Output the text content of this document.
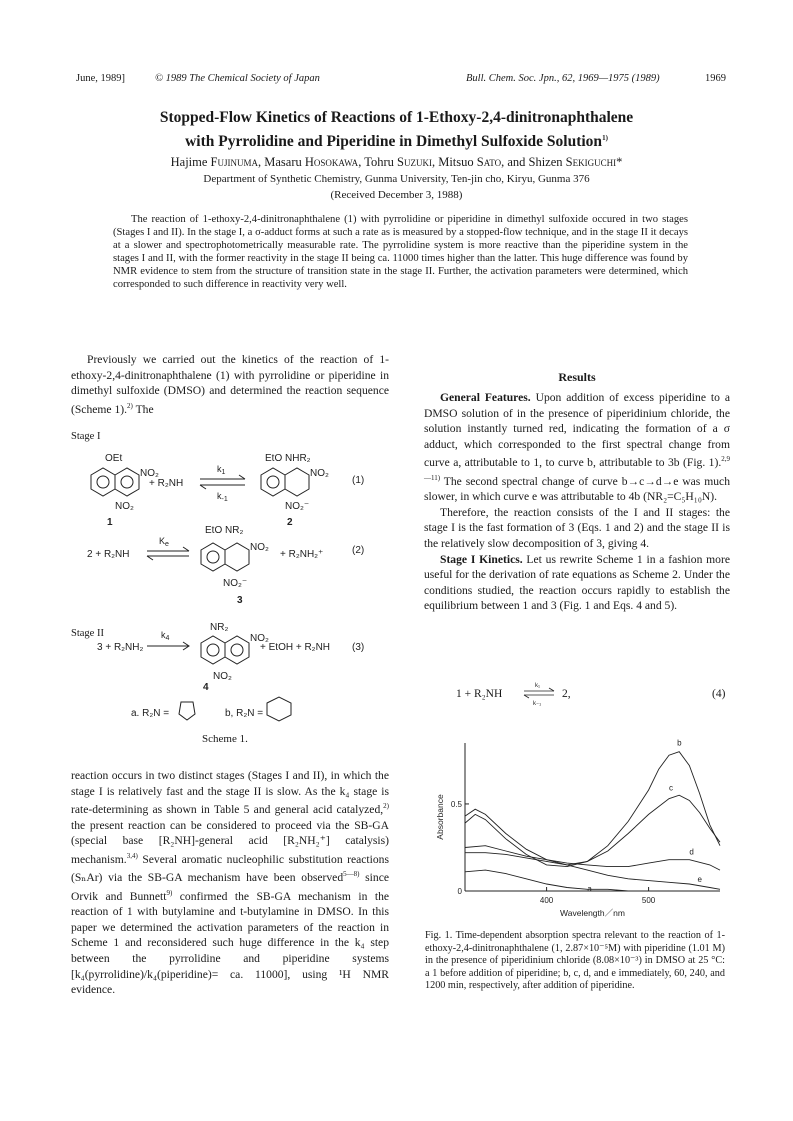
June, 1989]	© 1989 The Chemical Society of Japan	Bull. Chem. Soc. Jpn., 62, 1969—1975 (1989)	1969
Stopped-Flow Kinetics of Reactions of 1-Ethoxy-2,4-dinitronaphthalene
with Pyrrolidine and Piperidine in Dimethyl Sulfoxide Solution$^{1)}$
Hajime Fujinuma, Masaru Hosokawa, Tohru Suzuki, Mitsuo Sato, and Shizen Sekiguchi*
Department of Synthetic Chemistry, Gunma University, Ten-jin cho, Kiryu, Gunma 376
(Received December 3, 1988)
The reaction of 1-ethoxy-2,4-dinitronaphthalene (1) with pyrrolidine or piperidine in dimethyl sulfoxide occured in two stages (Stages I and II). In the stage I, a σ-adduct forms at such a rate as is measured by a stopped-flow technique, and in the stage II it decays at a slower and spectrophotometrically measurable rate. The pyrrolidine system is more reactive than the piperidine system in the stages I and II, with the former reactivity in the stage II being ca. 11000 times higher than the latter. This huge difference was found by NMR evidence to stem from the structure of transition state in the stage II. Further, the activation parameters were determined, which corresponded to such difference in reactivity very well.

Previously we carried out the kinetics of the reaction of 1-ethoxy-2,4-dinitronaphthalene (1) with pyrrolidine or piperidine in dimethyl sulfoxide (DMSO) and determined the reaction sequence (Scheme 1).$^{2)}$ The

Stage I
Stage II
OEt
NO₂
NO₂
1
+ R₂NH
$k_1$
$k_{-1}$
EtO NHR₂
NO₂
NO₂⁻
2
(1)
2 + R₂NH
$K_e$
EtO NR₂
NO₂
NO₂⁻
+ R₂NH₂⁺
3
(2)
3 + R₂NH₂
$k_4$
NR₂
NO₂
NO₂
+ EtOH + R₂NH
4
(3)
a. R₂N =	b, R₂N =
Scheme 1.

reaction occurs in two distinct stages (Stages I and II), in which the stage I is relatively fast and the stage II is slow. As the k₄ stage is rate-determining as shown in Table 5 and general acid catalyzed,$^{2)}$ the present reaction can be considered to proceed via the SB-GA (special base [R₂NH]-general acid [R₂NH₂⁺] catalysis) mechanism.$^{3,4)}$ Several aromatic nucleophilic substitution reactions (SₙAr) via the SB-GA mechanism have been observed$^{5—8)}$ since Orvik and Bunnett$^{9)}$ confirmed the SB-GA mechanism in the reaction of 1 with butylamine and t-butylamine in DMSO. In this paper we determined the activation parameters of the reaction in Scheme 1 and reconsidered such huge difference in the k₄ step between the pyrrolidine and piperidine systems [k₄(pyrrolidine)/k₄(piperidine)= ca. 11000], using ¹H NMR evidence.

Results

General Features. Upon addition of excess piperidine to a DMSO solution of in the presence of piperidinium chloride, the solution instantly turned red, indicating the formation of a σ adduct, which corresponded to the first spectral change from curve a, attributable to 1, to curve b, attributable to 3b (Fig. 1).$^{2,9—11)}$ The second spectral change of curve b→c→d→e was much slower, in which curve e was attributable to 4b (NR₂=C₅H₁₀N).

Therefore, the reaction consists of the I and II stages: the stage I is the fast formation of 3 (Eqs. 1 and 2) and the stage II is the relatively slow decomposition of 3, giving 4.

Stage I Kinetics. Let us rewrite Scheme 1 in a fashion more useful for the derivation of rate equations as Scheme 2. Under the conditions studied, the reaction occurs rapidly to establish the equilibrium between 1 and 3 (Fig. 1 and Eqs. 4 and 5).

1 + R₂NH
k₁
k₋₁
2,	(4)
400	500
0
0.5
Wavelength／nm
Absorbance
a
b
c
d
e
Fig. 1. Time-dependent absorption spectra relevant to the reaction of 1-ethoxy-2,4-dinitronaphthalene (1, 2.87×10⁻⁵M) with piperidine (1.01 M) in the presence of piperidinium chloride (8.08×10⁻³) in DMSO at 25 °C: a 1 before addition of piperidine; b, c, d, and e immediately, 60, 240, and 1200 min, respectively, after addition of piperidine.
